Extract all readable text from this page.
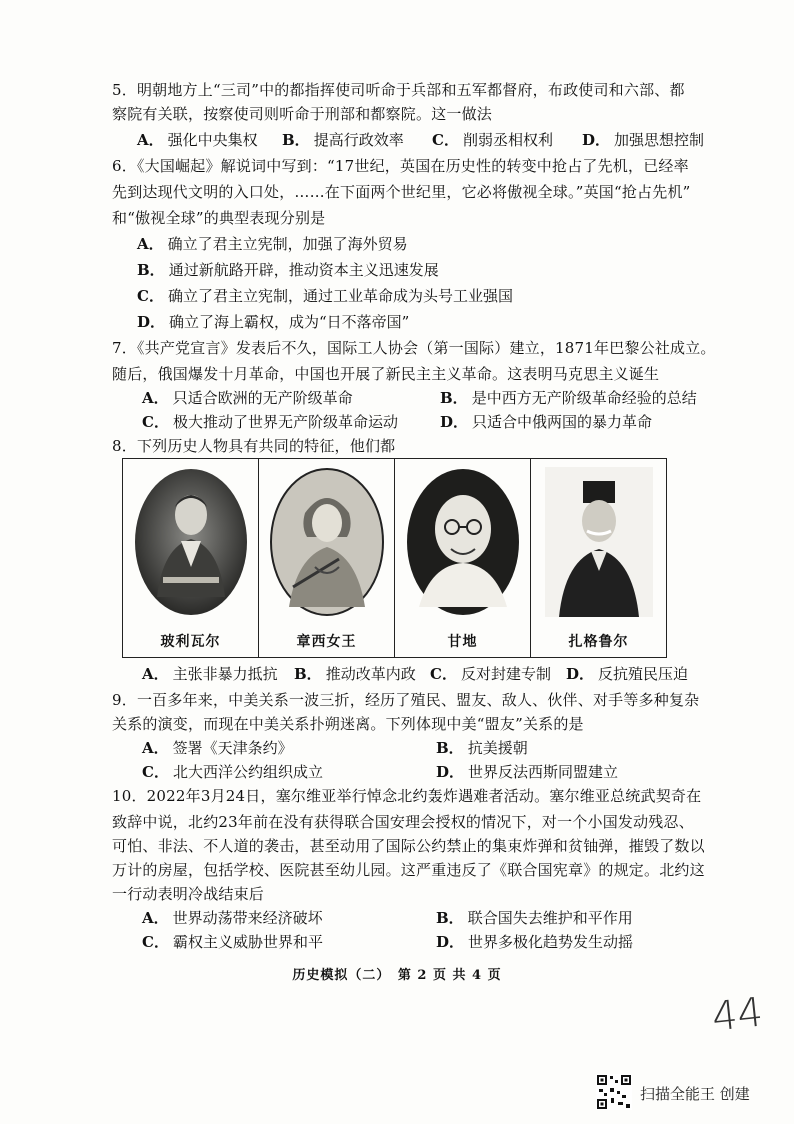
5．明朝地方上“三司”中的都指挥使司听命于兵部和五军都督府，布政使司和六部、都
察院有关联，按察使司则听命于刑部和都察院。这一做法
A． 强化中央集权 B． 提高行政效率 C． 削弱丞相权利 D． 加强思想控制
6．《大国崛起》解说词中写到：“17世纪，英国在历史性的转变中抢占了先机，已经率
先到达现代文明的入口处，……在下面两个世纪里，它必将傲视全球。”英国“抢占先机”
和“傲视全球”的典型表现分别是
A． 确立了君主立宪制，加强了海外贸易
B． 通过新航路开辟，推动资本主义迅速发展
C． 确立了君主立宪制，通过工业革命成为头号工业强国
D． 确立了海上霸权，成为“日不落帝国”
7．《共产党宣言》发表后不久，国际工人协会（第一国际）建立，1871年巴黎公社成立。
随后，俄国爆发十月革命，中国也开展了新民主主义革命。这表明马克思主义诞生
A． 只适合欧洲的无产阶级革命	B． 是中西方无产阶级革命经验的总结
C． 极大推动了世界无产阶级革命运动	D． 只适合中俄两国的暴力革命
8．下列历史人物具有共同的特征，他们都
玻利瓦尔	章西女王	甘地	扎格鲁尔
A． 主张非暴力抵抗 B． 推动改革内政 C． 反对封建专制 D． 反抗殖民压迫
9．一百多年来，中美关系一波三折，经历了殖民、盟友、敌人、伙伴、对手等多种复杂
关系的演变，而现在中美关系扑朔迷离。下列体现中美“盟友”关系的是
A． 签署《天津条约》	B． 抗美援朝
C． 北大西洋公约组织成立	D． 世界反法西斯同盟建立
10．2022年3月24日，塞尔维亚举行悼念北约轰炸遇难者活动。塞尔维亚总统武契奇在
致辞中说，北约23年前在没有获得联合国安理会授权的情况下，对一个小国发动残忍、
可怕、非法、不人道的袭击，甚至动用了国际公约禁止的集束炸弹和贫铀弹，摧毁了数以
万计的房屋，包括学校、医院甚至幼儿园。这严重违反了《联合国宪章》的规定。北约这
一行动表明冷战结束后
A． 世界动荡带来经济破坏	B． 联合国失去维护和平作用
C． 霸权主义威胁世界和平	D． 世界多极化趋势发生动摇
历史模拟（二）　第 2 页 共 4 页
44
扫描全能王 创建
